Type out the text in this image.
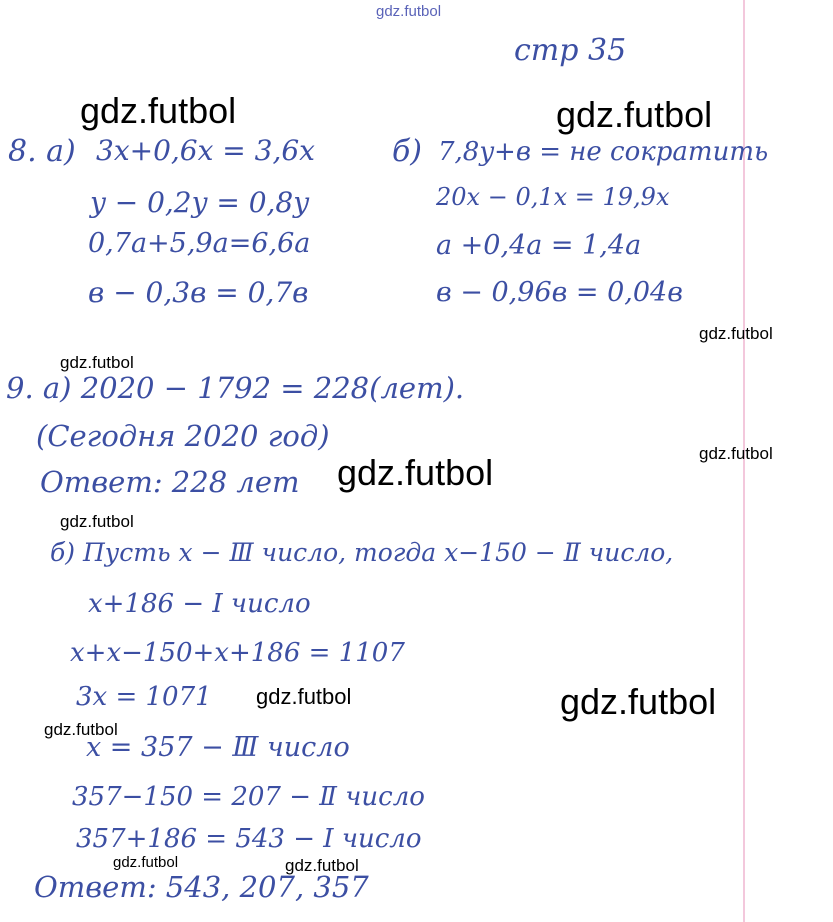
gdz.futbol
gdz.futbol	gdz.futbol
gdz.futbol
gdz.futbol
gdz.futbol
gdz.futbol
gdz.futbol
gdz.futbol
gdz.futbol
gdz.futbol
gdz.futbol	gdz.futbol
стр 35
8. а) 3x+0,6x = 3,6x
y − 0,2y = 0,8y
0,7a+5,9a=6,6a
в − 0,3в = 0,7в
б) 7,8y+в = не сократить
20x − 0,1x = 19,9x
a +0,4a = 1,4a
в − 0,96в = 0,04в
9. а) 2020 − 1792 = 228(лет).
(Сегодня 2020 год)
Ответ: 228 лет
б) Пусть x − Ⅲ число, тогда x−150 − Ⅱ число,
x+186 − Ⅰ число
x+x−150+x+186 = 1107
3x = 1071
x = 357 − Ⅲ число
357−150 = 207 − Ⅱ число
357+186 = 543 − Ⅰ число
Ответ: 543, 207, 357
